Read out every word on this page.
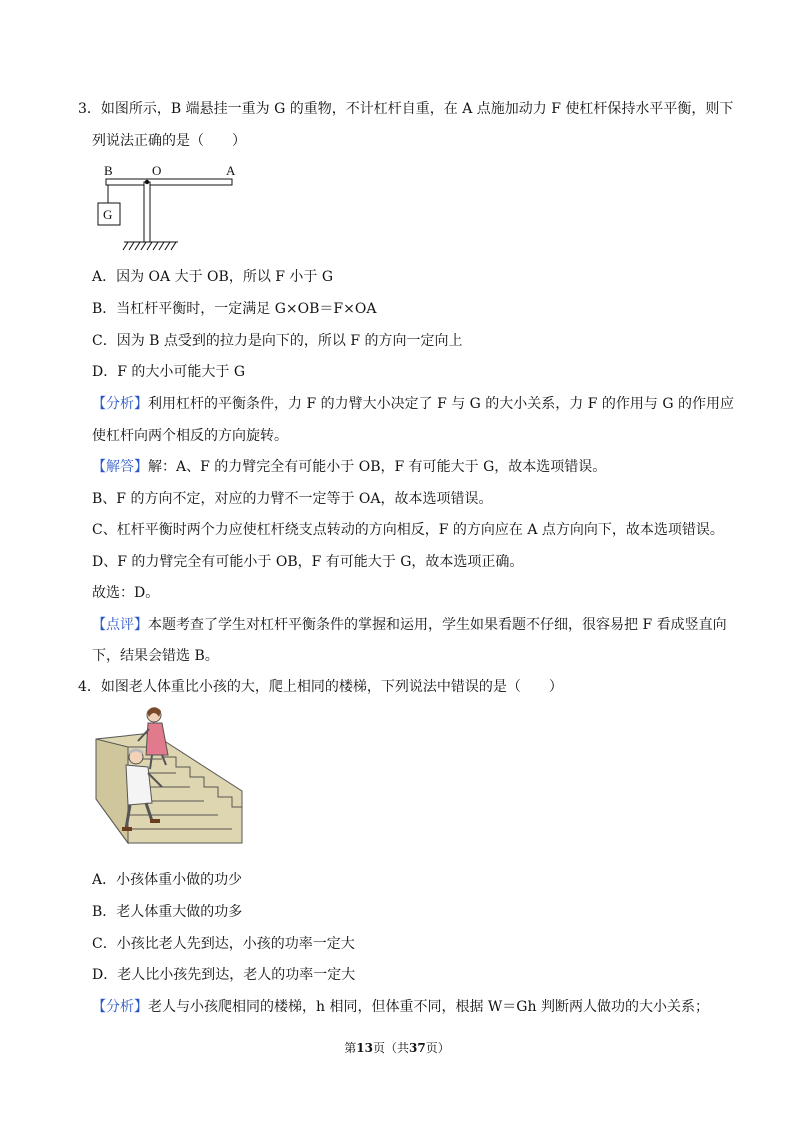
3．如图所示，B 端悬挂一重为 G 的重物，不计杠杆自重，在 A 点施加动力 F 使杠杆保持水平平衡，则下
列说法正确的是（　　）
B	O	A
G
A．因为 OA 大于 OB，所以 F 小于 G
B．当杠杆平衡时，一定满足 G×OB＝F×OA
C．因为 B 点受到的拉力是向下的，所以 F 的方向一定向上
D．F 的大小可能大于 G
【分析】利用杠杆的平衡条件，力 F 的力臂大小决定了 F 与 G 的大小关系，力 F 的作用与 G 的作用应
使杠杆向两个相反的方向旋转。
【解答】解：A、F 的力臂完全有可能小于 OB，F 有可能大于 G，故本选项错误。
B、F 的方向不定，对应的力臂不一定等于 OA，故本选项错误。
C、杠杆平衡时两个力应使杠杆绕支点转动的方向相反，F 的方向应在 A 点方向向下，故本选项错误。
D、F 的力臂完全有可能小于 OB，F 有可能大于 G，故本选项正确。
故选：D。
【点评】本题考查了学生对杠杆平衡条件的掌握和运用，学生如果看题不仔细，很容易把 F 看成竖直向
下，结果会错选 B。
4．如图老人体重比小孩的大，爬上相同的楼梯，下列说法中错误的是（　　）
A．小孩体重小做的功少
B．老人体重大做的功多
C．小孩比老人先到达，小孩的功率一定大
D．老人比小孩先到达，老人的功率一定大
【分析】老人与小孩爬相同的楼梯，h 相同，但体重不同，根据 W＝Gh 判断两人做功的大小关系；
第13页（共37页）
